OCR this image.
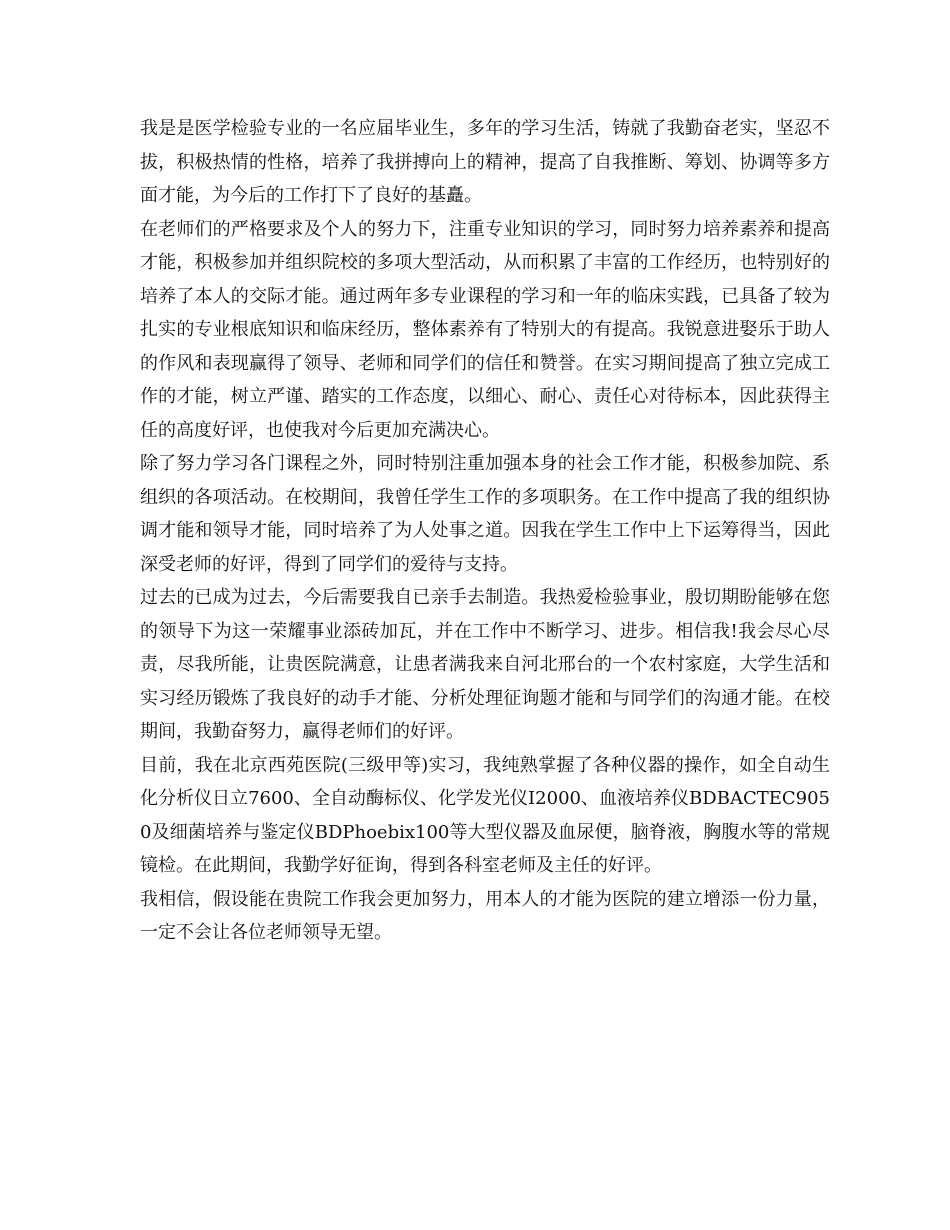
我是是医学检验专业的一名应届毕业生，多年的学习生活，铸就了我勤奋老实，坚忍不拔，积极热情的性格，培养了我拼搏向上的精神，提高了自我推断、筹划、协调等多方面才能，为今后的工作打下了良好的基矗。

在老师们的严格要求及个人的努力下，注重专业知识的学习，同时努力培养素养和提高才能，积极参加并组织院校的多项大型活动，从而积累了丰富的工作经历，也特别好的培养了本人的交际才能。通过两年多专业课程的学习和一年的临床实践，已具备了较为扎实的专业根底知识和临床经历，整体素养有了特别大的有提高。我锐意进娶乐于助人的作风和表现赢得了领导、老师和同学们的信任和赞誉。在实习期间提高了独立完成工作的才能，树立严谨、踏实的工作态度，以细心、耐心、责任心对待标本，因此获得主任的高度好评，也使我对今后更加充满决心。

除了努力学习各门课程之外，同时特别注重加强本身的社会工作才能，积极参加院、系组织的各项活动。在校期间，我曾任学生工作的多项职务。在工作中提高了我的组织协调才能和领导才能，同时培养了为人处事之道。因我在学生工作中上下运筹得当，因此深受老师的好评，得到了同学们的爱待与支持。

过去的已成为过去，今后需要我自已亲手去制造。我热爱检验事业，殷切期盼能够在您的领导下为这一荣耀事业添砖加瓦，并在工作中不断学习、进步。相信我!我会尽心尽责，尽我所能，让贵医院满意，让患者满我来自河北邢台的一个农村家庭，大学生活和实习经历锻炼了我良好的动手才能、分析处理征询题才能和与同学们的沟通才能。在校期间，我勤奋努力，赢得老师们的好评。

目前，我在北京西苑医院(三级甲等)实习，我纯熟掌握了各种仪器的操作，如全自动生化分析仪日立7600、全自动酶标仪、化学发光仪I2000、血液培养仪BDBACTEC9050及细菌培养与鉴定仪BDPhoebix100等大型仪器及血尿便，脑脊液，胸腹水等的常规镜检。在此期间，我勤学好征询，得到各科室老师及主任的好评。

我相信，假设能在贵院工作我会更加努力，用本人的才能为医院的建立增添一份力量，一定不会让各位老师领导无望。
